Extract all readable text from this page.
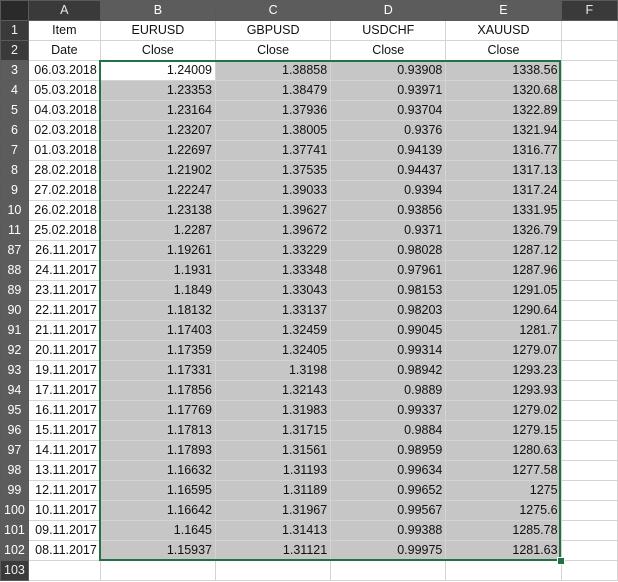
	A	B	C	D	E	F
1	Item	EURUSD	GBPUSD	USDCHF	XAUUSD	
2	Date	Close	Close	Close	Close	
3	06.03.2018	1.24009	1.38858	0.93908	1338.56	
4	05.03.2018	1.23353	1.38479	0.93971	1320.68	
5	04.03.2018	1.23164	1.37936	0.93704	1322.89	
6	02.03.2018	1.23207	1.38005	0.9376	1321.94	
7	01.03.2018	1.22697	1.37741	0.94139	1316.77	
8	28.02.2018	1.21902	1.37535	0.94437	1317.13	
9	27.02.2018	1.22247	1.39033	0.9394	1317.24	
10	26.02.2018	1.23138	1.39627	0.93856	1331.95	
11	25.02.2018	1.2287	1.39672	0.9371	1326.79	
87	26.11.2017	1.19261	1.33229	0.98028	1287.12	
88	24.11.2017	1.1931	1.33348	0.97961	1287.96	
89	23.11.2017	1.1849	1.33043	0.98153	1291.05	
90	22.11.2017	1.18132	1.33137	0.98203	1290.64	
91	21.11.2017	1.17403	1.32459	0.99045	1281.7	
92	20.11.2017	1.17359	1.32405	0.99314	1279.07	
93	19.11.2017	1.17331	1.3198	0.98942	1293.23	
94	17.11.2017	1.17856	1.32143	0.9889	1293.93	
95	16.11.2017	1.17769	1.31983	0.99337	1279.02	
96	15.11.2017	1.17813	1.31715	0.9884	1279.15	
97	14.11.2017	1.17893	1.31561	0.98959	1280.63	
98	13.11.2017	1.16632	1.31193	0.99634	1277.58	
99	12.11.2017	1.16595	1.31189	0.99652	1275	
100	10.11.2017	1.16642	1.31967	0.99567	1275.6	
101	09.11.2017	1.1645	1.31413	0.99388	1285.78	
102	08.11.2017	1.15937	1.31121	0.99975	1281.63	
103						
